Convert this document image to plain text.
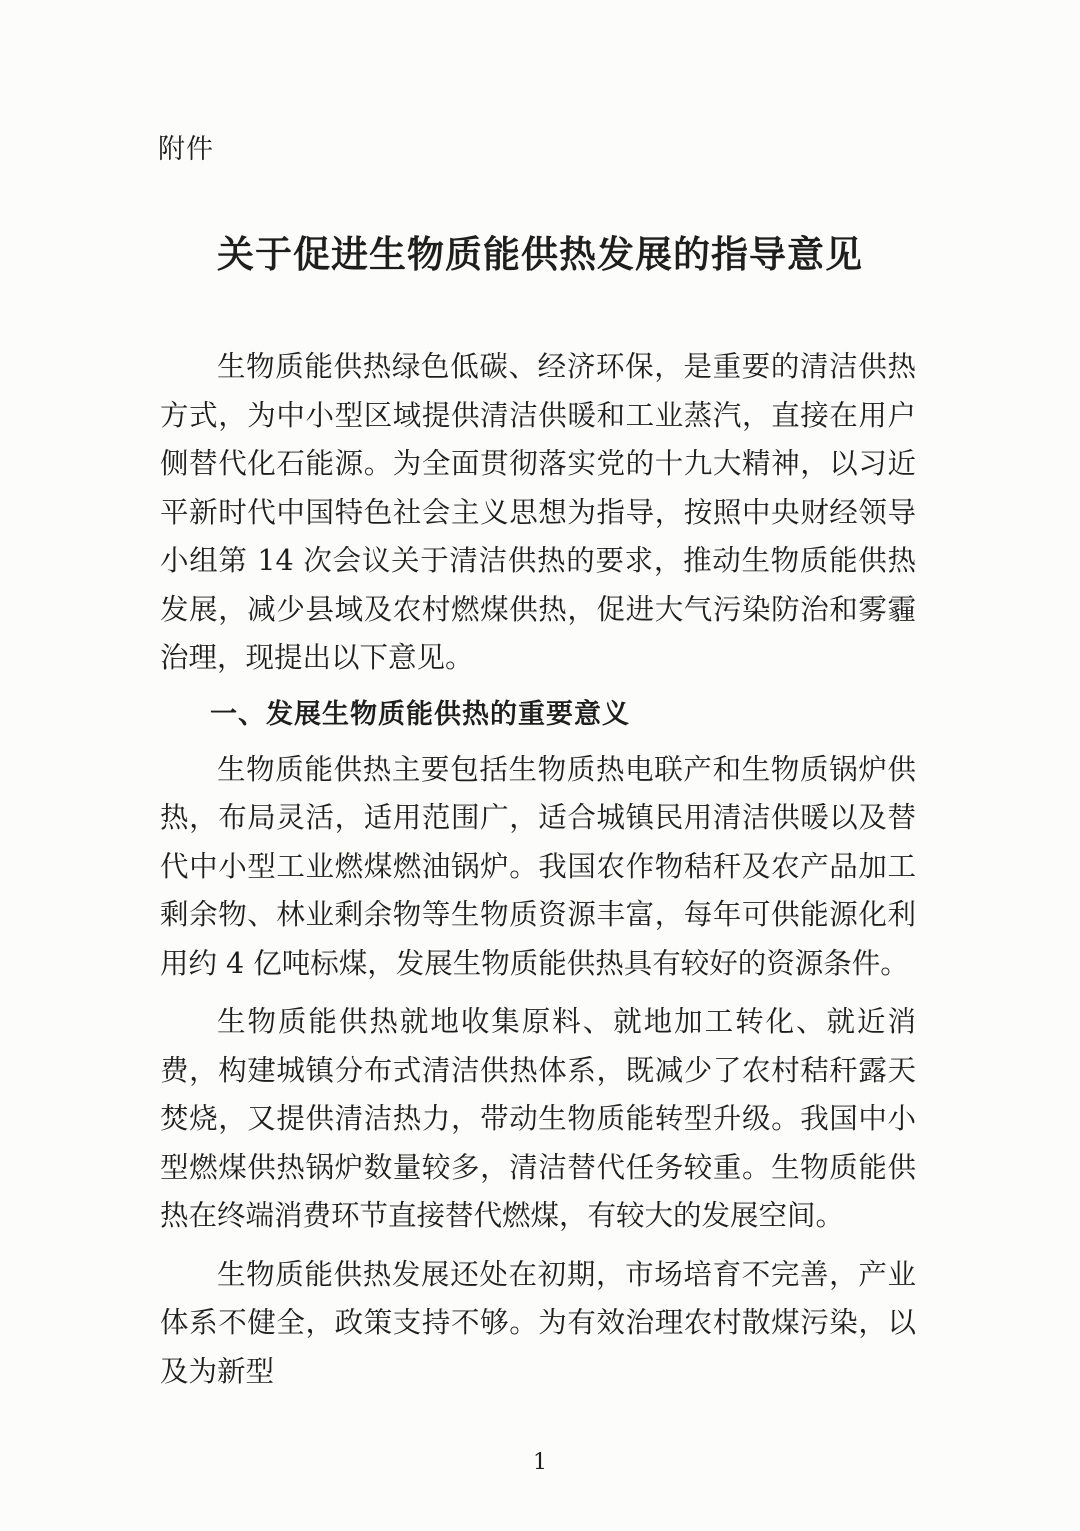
附件
关于促进生物质能供热发展的指导意见

生物质能供热绿色低碳、经济环保，是重要的清洁供热方式，为中小型区域提供清洁供暖和工业蒸汽，直接在用户侧替代化石能源。为全面贯彻落实党的十九大精神，以习近平新时代中国特色社会主义思想为指导，按照中央财经领导小组第 14 次会议关于清洁供热的要求，推动生物质能供热发展，减少县域及农村燃煤供热，促进大气污染防治和雾霾治理，现提出以下意见。

一、发展生物质能供热的重要意义

生物质能供热主要包括生物质热电联产和生物质锅炉供热，布局灵活，适用范围广，适合城镇民用清洁供暖以及替代中小型工业燃煤燃油锅炉。我国农作物秸秆及农产品加工剩余物、林业剩余物等生物质资源丰富，每年可供能源化利用约 4 亿吨标煤，发展生物质能供热具有较好的资源条件。

生物质能供热就地收集原料、就地加工转化、就近消费，构建城镇分布式清洁供热体系，既减少了农村秸秆露天焚烧，又提供清洁热力，带动生物质能转型升级。我国中小型燃煤供热锅炉数量较多，清洁替代任务较重。生物质能供热在终端消费环节直接替代燃煤，有较大的发展空间。

生物质能供热发展还处在初期，市场培育不完善，产业体系不健全，政策支持不够。为有效治理农村散煤污染，以及为新型

1
